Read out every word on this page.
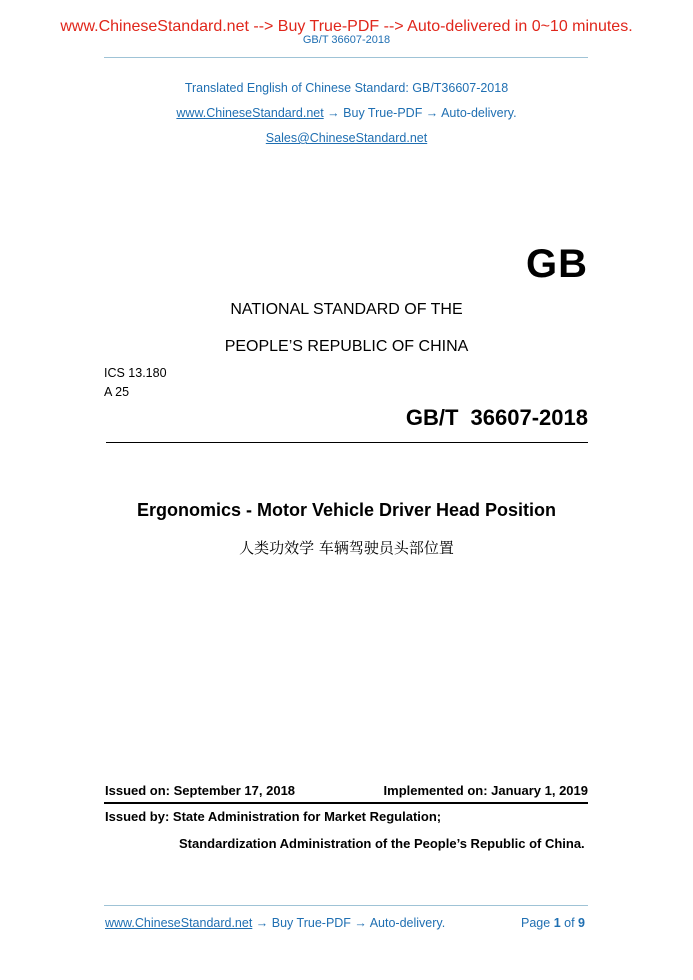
www.ChineseStandard.net --> Buy True-PDF --> Auto-delivered in 0~10 minutes.
GB/T 36607-2018
Translated English of Chinese Standard: GB/T36607-2018
www.ChineseStandard.net → Buy True-PDF → Auto-delivery.
Sales@ChineseStandard.net
GB
NATIONAL STANDARD OF THE
PEOPLE’S REPUBLIC OF CHINA
ICS 13.180
A 25
GB/T 36607-2018
Ergonomics - Motor Vehicle Driver Head Position
人类功效学 车辆驾驶员头部位置
Issued on: September 17, 2018	Implemented on: January 1, 2019
Issued by: State Administration for Market Regulation;
Standardization Administration of the People’s Republic of China.
www.ChineseStandard.net → Buy True-PDF → Auto-delivery.	Page 1 of 9
